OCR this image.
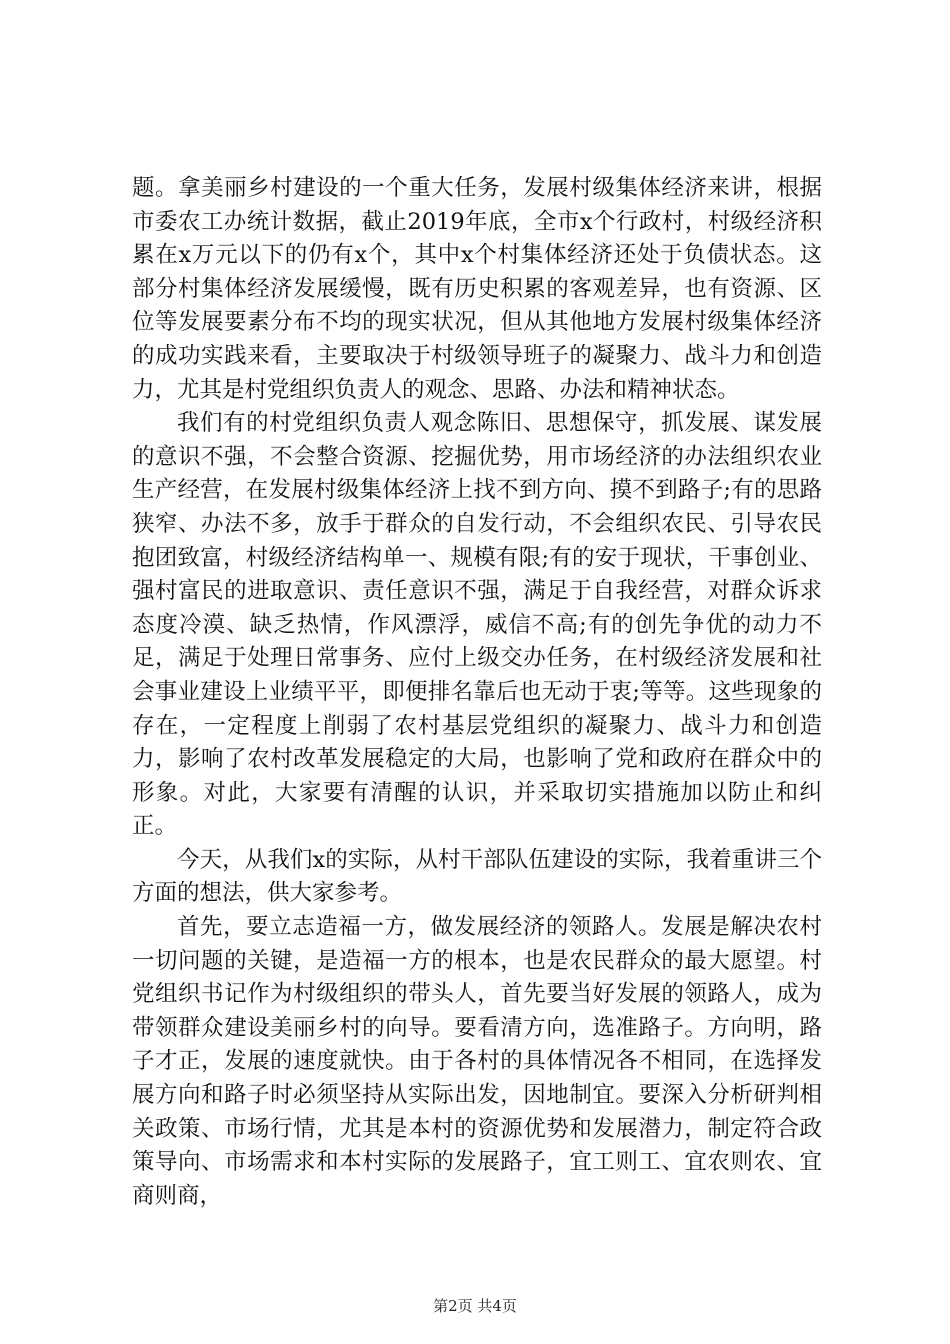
题。拿美丽乡村建设的一个重大任务，发展村级集体经济来讲，根据市委农工办统计数据，截止2019年底，全市x个行政村，村级经济积累在x万元以下的仍有x个，其中x个村集体经济还处于负债状态。这部分村集体经济发展缓慢，既有历史积累的客观差异，也有资源、区位等发展要素分布不均的现实状况，但从其他地方发展村级集体经济的成功实践来看，主要取决于村级领导班子的凝聚力、战斗力和创造力，尤其是村党组织负责人的观念、思路、办法和精神状态。

我们有的村党组织负责人观念陈旧、思想保守，抓发展、谋发展的意识不强，不会整合资源、挖掘优势，用市场经济的办法组织农业生产经营，在发展村级集体经济上找不到方向、摸不到路子;有的思路狭窄、办法不多，放手于群众的自发行动，不会组织农民、引导农民抱团致富，村级经济结构单一、规模有限;有的安于现状，干事创业、强村富民的进取意识、责任意识不强，满足于自我经营，对群众诉求态度冷漠、缺乏热情，作风漂浮，威信不高;有的创先争优的动力不足，满足于处理日常事务、应付上级交办任务，在村级经济发展和社会事业建设上业绩平平，即便排名靠后也无动于衷;等等。这些现象的存在，一定程度上削弱了农村基层党组织的凝聚力、战斗力和创造力，影响了农村改革发展稳定的大局，也影响了党和政府在群众中的形象。对此，大家要有清醒的认识，并采取切实措施加以防止和纠正。

今天，从我们x的实际，从村干部队伍建设的实际，我着重讲三个方面的想法，供大家参考。

首先，要立志造福一方，做发展经济的领路人。发展是解决农村一切问题的关键，是造福一方的根本，也是农民群众的最大愿望。村党组织书记作为村级组织的带头人，首先要当好发展的领路人，成为带领群众建设美丽乡村的向导。要看清方向，选准路子。方向明，路子才正，发展的速度就快。由于各村的具体情况各不相同，在选择发展方向和路子时必须坚持从实际出发，因地制宜。要深入分析研判相关政策、市场行情，尤其是本村的资源优势和发展潜力，制定符合政策导向、市场需求和本村实际的发展路子，宜工则工、宜农则农、宜商则商，

第2页 共4页
